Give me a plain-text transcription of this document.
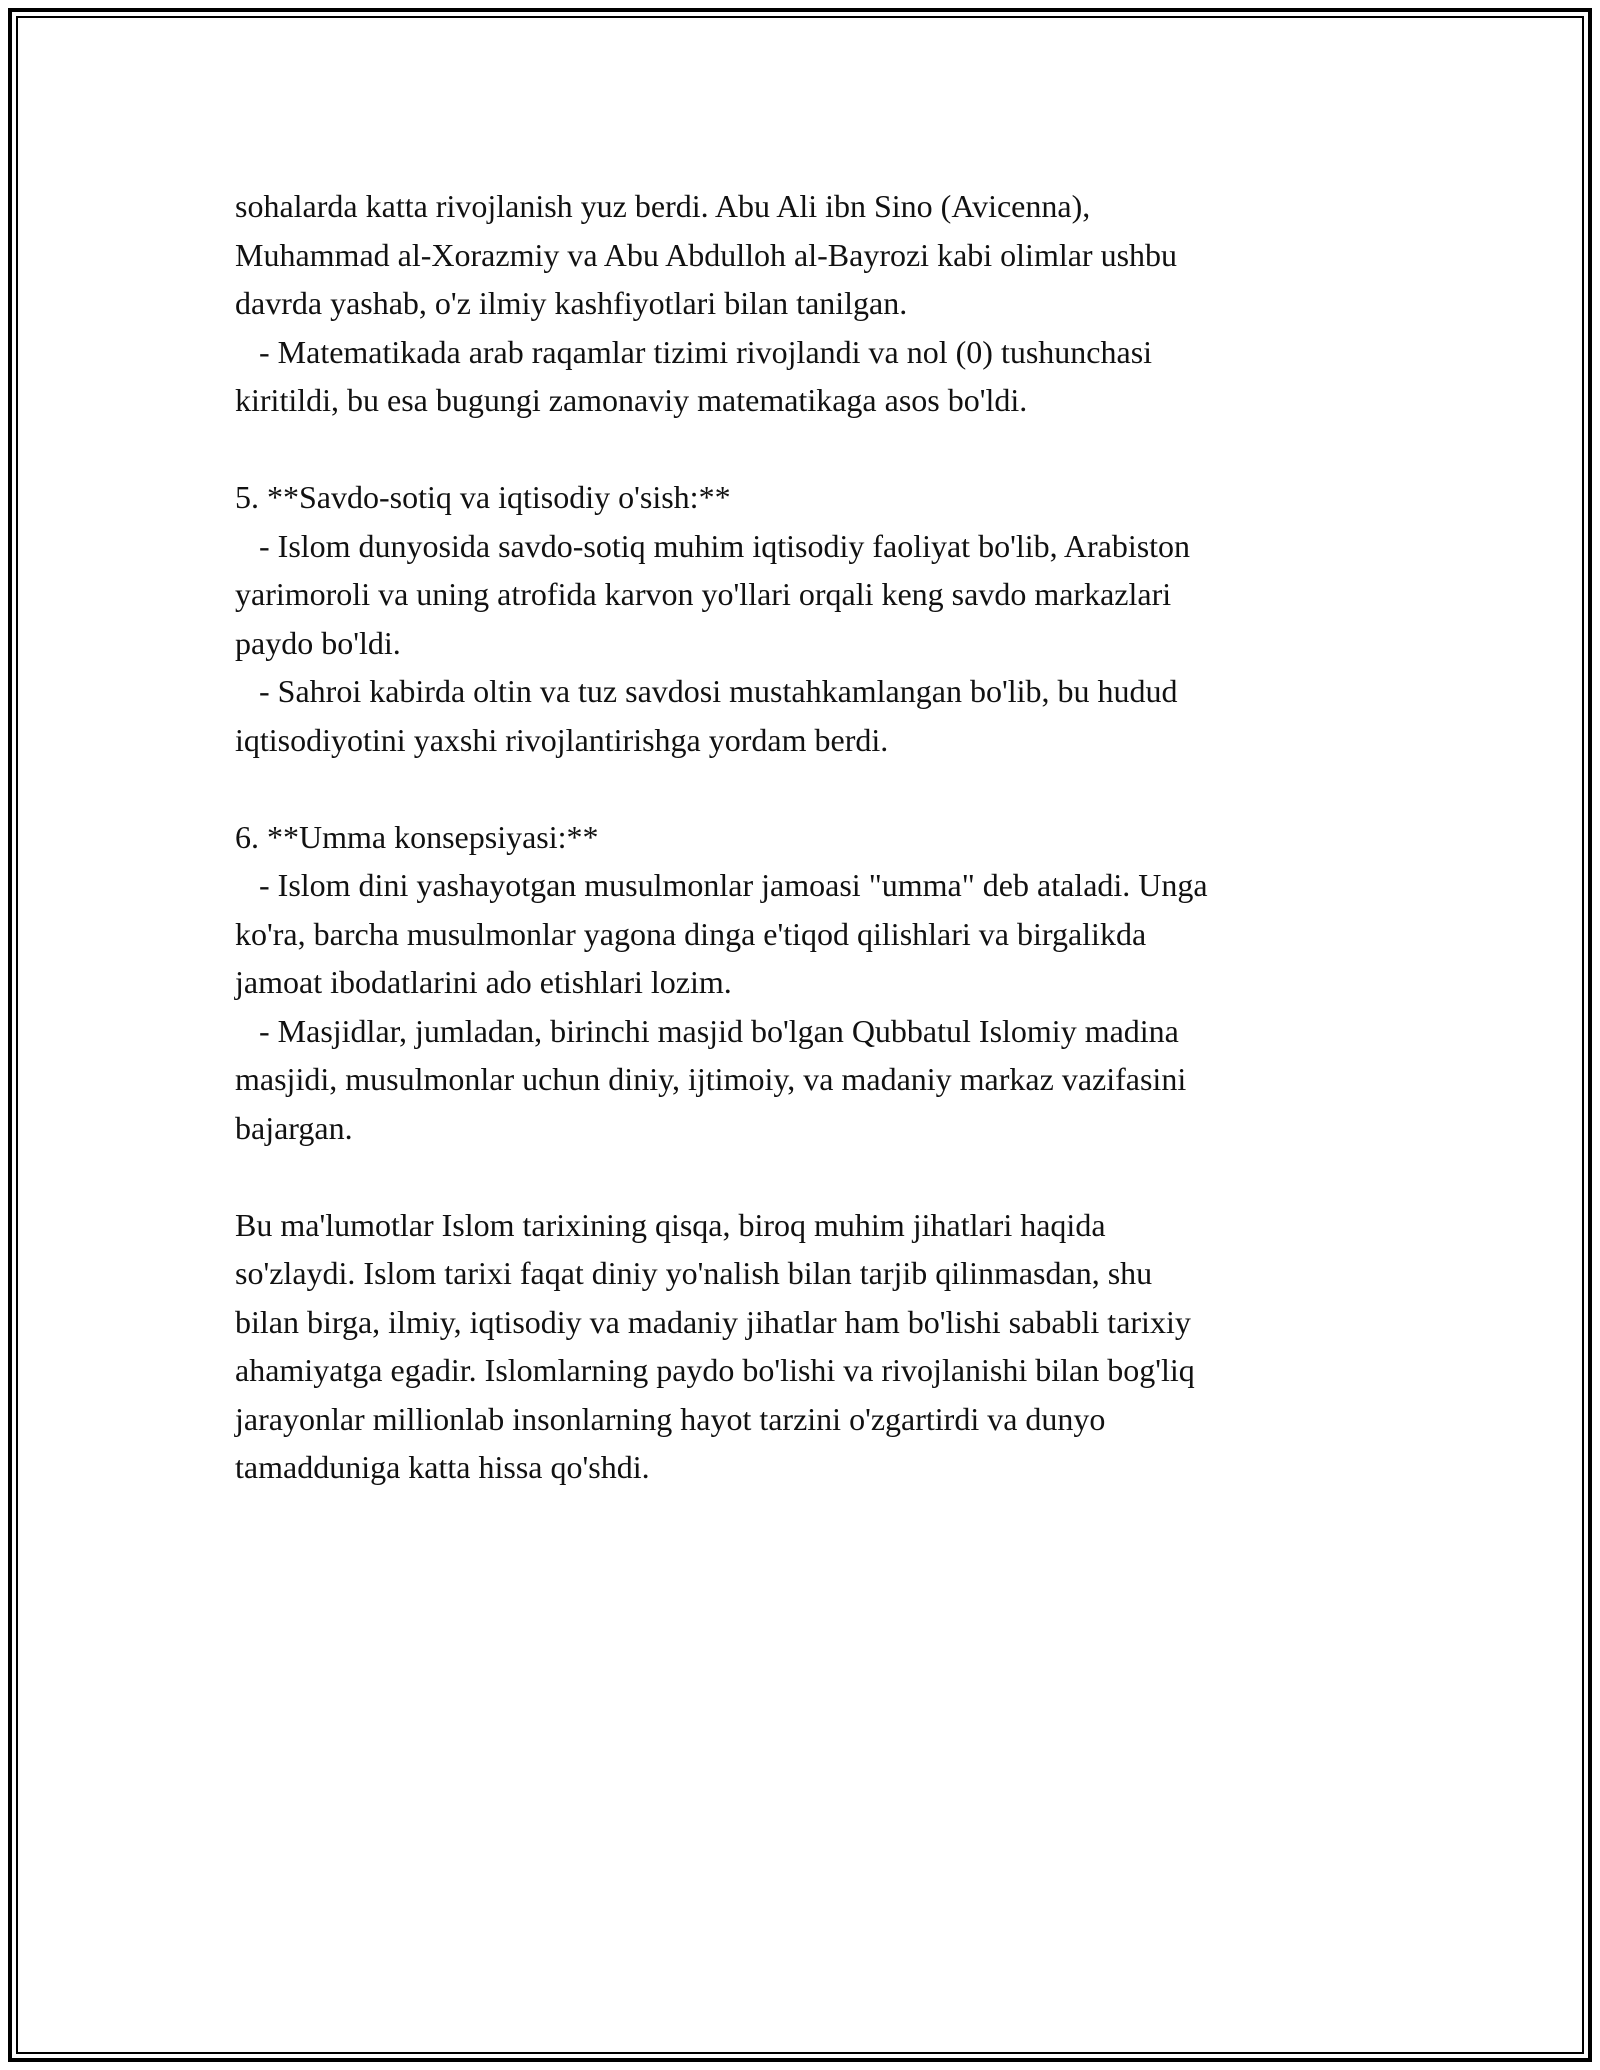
sohalarda katta rivojlanish yuz berdi. Abu Ali ibn Sino (Avicenna),
Muhammad al-Xorazmiy va Abu Abdulloh al-Bayrozi kabi olimlar ushbu
davrda yashab, o'z ilmiy kashfiyotlari bilan tanilgan.
- Matematikada arab raqamlar tizimi rivojlandi va nol (0) tushunchasi
kiritildi, bu esa bugungi zamonaviy matematikaga asos bo'ldi.
5. **Savdo-sotiq va iqtisodiy o'sish:**
- Islom dunyosida savdo-sotiq muhim iqtisodiy faoliyat bo'lib, Arabiston
yarimoroli va uning atrofida karvon yo'llari orqali keng savdo markazlari
paydo bo'ldi.
- Sahroi kabirda oltin va tuz savdosi mustahkamlangan bo'lib, bu hudud
iqtisodiyotini yaxshi rivojlantirishga yordam berdi.
6. **Umma konsepsiyasi:**
- Islom dini yashayotgan musulmonlar jamoasi "umma" deb ataladi. Unga
ko'ra, barcha musulmonlar yagona dinga e'tiqod qilishlari va birgalikda
jamoat ibodatlarini ado etishlari lozim.
- Masjidlar, jumladan, birinchi masjid bo'lgan Qubbatul Islomiy madina
masjidi, musulmonlar uchun diniy, ijtimoiy, va madaniy markaz vazifasini
bajargan.
Bu ma'lumotlar Islom tarixining qisqa, biroq muhim jihatlari haqida
so'zlaydi. Islom tarixi faqat diniy yo'nalish bilan tarjib qilinmasdan, shu
bilan birga, ilmiy, iqtisodiy va madaniy jihatlar ham bo'lishi sababli tarixiy
ahamiyatga egadir. Islomlarning paydo bo'lishi va rivojlanishi bilan bog'liq
jarayonlar millionlab insonlarning hayot tarzini o'zgartirdi va dunyo
tamadduniga katta hissa qo'shdi.
